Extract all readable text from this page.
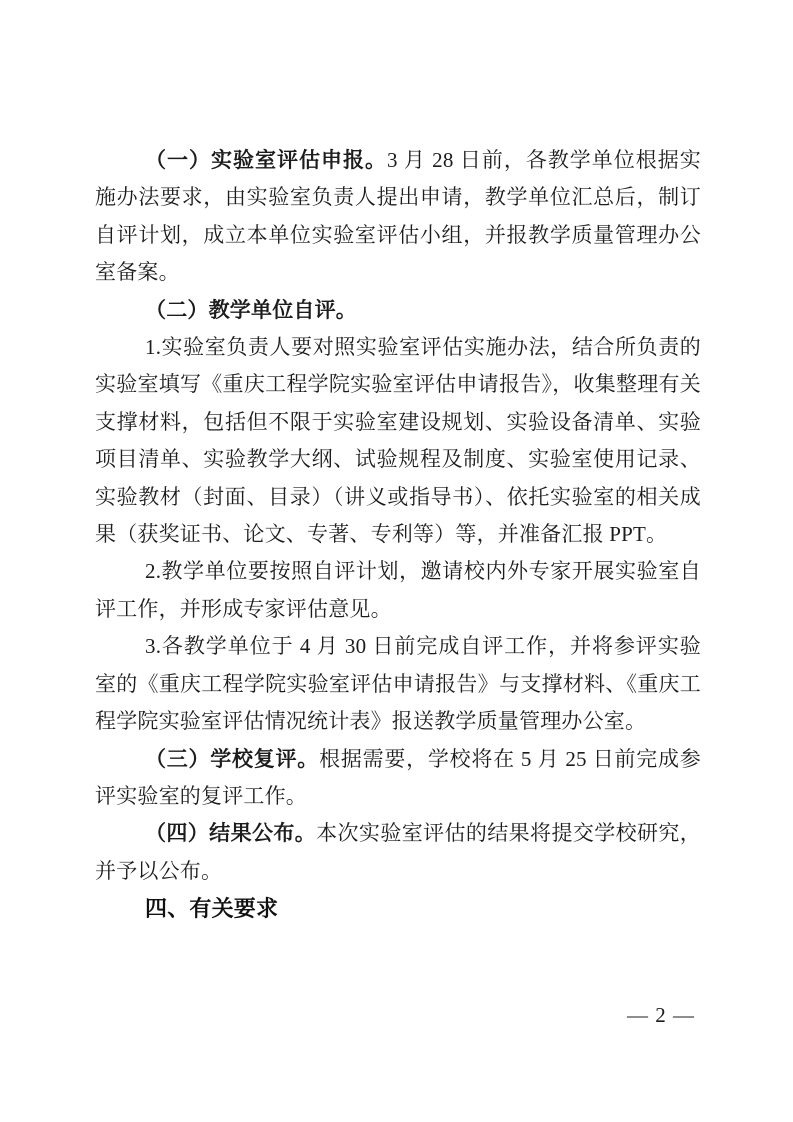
（一）实验室评估申报。3 月 28 日前，各教学单位根据实施办法要求，由实验室负责人提出申请，教学单位汇总后，制订自评计划，成立本单位实验室评估小组，并报教学质量管理办公室备案。

（二）教学单位自评。

1.实验室负责人要对照实验室评估实施办法，结合所负责的实验室填写《重庆工程学院实验室评估申请报告》，收集整理有关支撑材料，包括但不限于实验室建设规划、实验设备清单、实验项目清单、实验教学大纲、试验规程及制度、实验室使用记录、实验教材（封面、目录）（讲义或指导书）、依托实验室的相关成果（获奖证书、论文、专著、专利等）等，并准备汇报 PPT。

2.教学单位要按照自评计划，邀请校内外专家开展实验室自评工作，并形成专家评估意见。

3.各教学单位于 4 月 30 日前完成自评工作，并将参评实验室的《重庆工程学院实验室评估申请报告》与支撑材料、《重庆工程学院实验室评估情况统计表》报送教学质量管理办公室。

（三）学校复评。根据需要，学校将在 5 月 25 日前完成参评实验室的复评工作。

（四）结果公布。本次实验室评估的结果将提交学校研究，并予以公布。

四、有关要求

— 2 —
